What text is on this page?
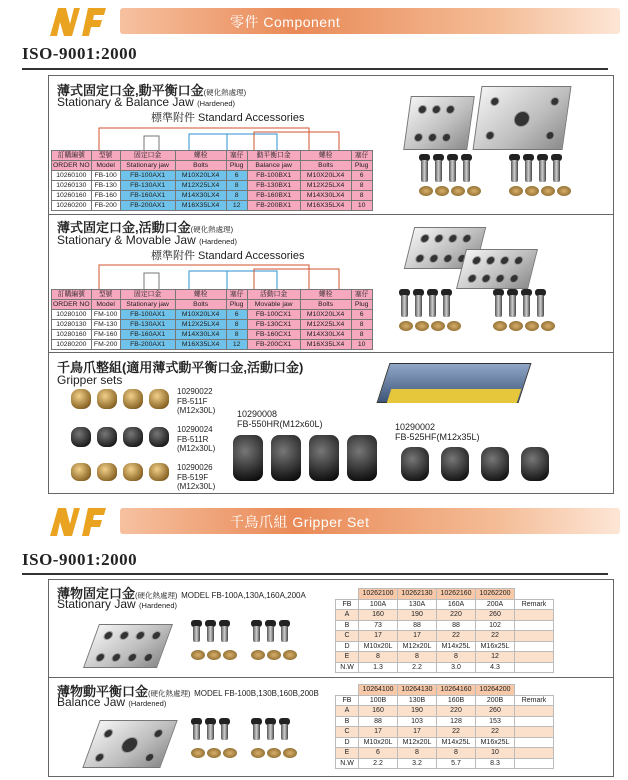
零件 Component
ISO-9001:2000
薄式固定口金,動平衡口金(硬化熱處理)
Stationary & Balance Jaw (Hardened)
標準附件 Standard Accessories
訂購編號	型號	固定口金	螺栓	塞仔	動平衡口金	螺栓	塞仔
ORDER NO	Model	Stationary jaw	Bolts	Plug	Balance jaw	Bolts	Plug
10260100	FB-100	FB-100AX1	M10X20LX4	6	FB-100BX1	M10X20LX4	6
10260130	FB-130	FB-130AX1	M12X25LX4	8	FB-130BX1	M12X25LX4	8
10260160	FB-160	FB-160AX1	M14X30LX4	8	FB-160BX1	M14X30LX4	8
10260200	FB-200	FB-200AX1	M16X35LX4	12	FB-200BX1	M16X35LX4	10
薄式固定口金,活動口金(硬化熱處理)
Stationary & Movable Jaw (Hardened)
標準附件 Standard Accessories
訂購編號	型號	固定口金	螺栓	塞仔	活動口金	螺栓	塞仔
ORDER NO	Model	Stationary jaw	Bolts	Plug	Movable jaw	Bolts	Plug
10280100	FM-100	FB-100AX1	M10X20LX4	6	FB-100CX1	M10X20LX4	6
10280130	FM-130	FB-130AX1	M12X25LX4	8	FB-130CX1	M12X25LX4	8
10280160	FM-160	FB-160AX1	M14X30LX4	8	FB-160CX1	M14X30LX4	8
10280200	FM-200	FB-200AX1	M16X35LX4	12	FB-200CX1	M16X35LX4	10
千鳥爪整組(適用薄式動平衡口金,活動口金)
Gripper sets
10290022
FB-511F
(M12x30L)
10290024
FB-511R
(M12x30L)
10290026
FB-519F
(M12x30L)
10290008
FB-550HR(M12x60L)	10290002
FB-525HF(M12x35L)
千鳥爪組 Gripper Set
ISO-9001:2000
薄物固定口金(硬化熱處理) MODEL FB-100A,130A,160A,200A
Stationary Jaw (Hardened)
	10262100	10262130	10262160	10262200	
FB	100A	130A	160A	200A	Remark
A	160	190	220	260	
B	73	88	88	102	
C	17	17	22	22	
D	M10x20L	M12x20L	M14x25L	M16x25L	
E	8	8	8	12	
N.W	1.3	2.2	3.0	4.3	
薄物動平衡口金(硬化熱處理) MODEL FB-100B,130B,160B,200B
Balance Jaw (Hardened)
	10264100	10264130	10264160	10264200	
FB	100B	130B	160B	200B	Remark
A	160	190	220	260	
B	88	103	128	153	
C	17	17	22	22	
D	M10x20L	M12x20L	M14x25L	M16x25L	
E	6	8	8	10	
N.W	2.2	3.2	5.7	8.3	
